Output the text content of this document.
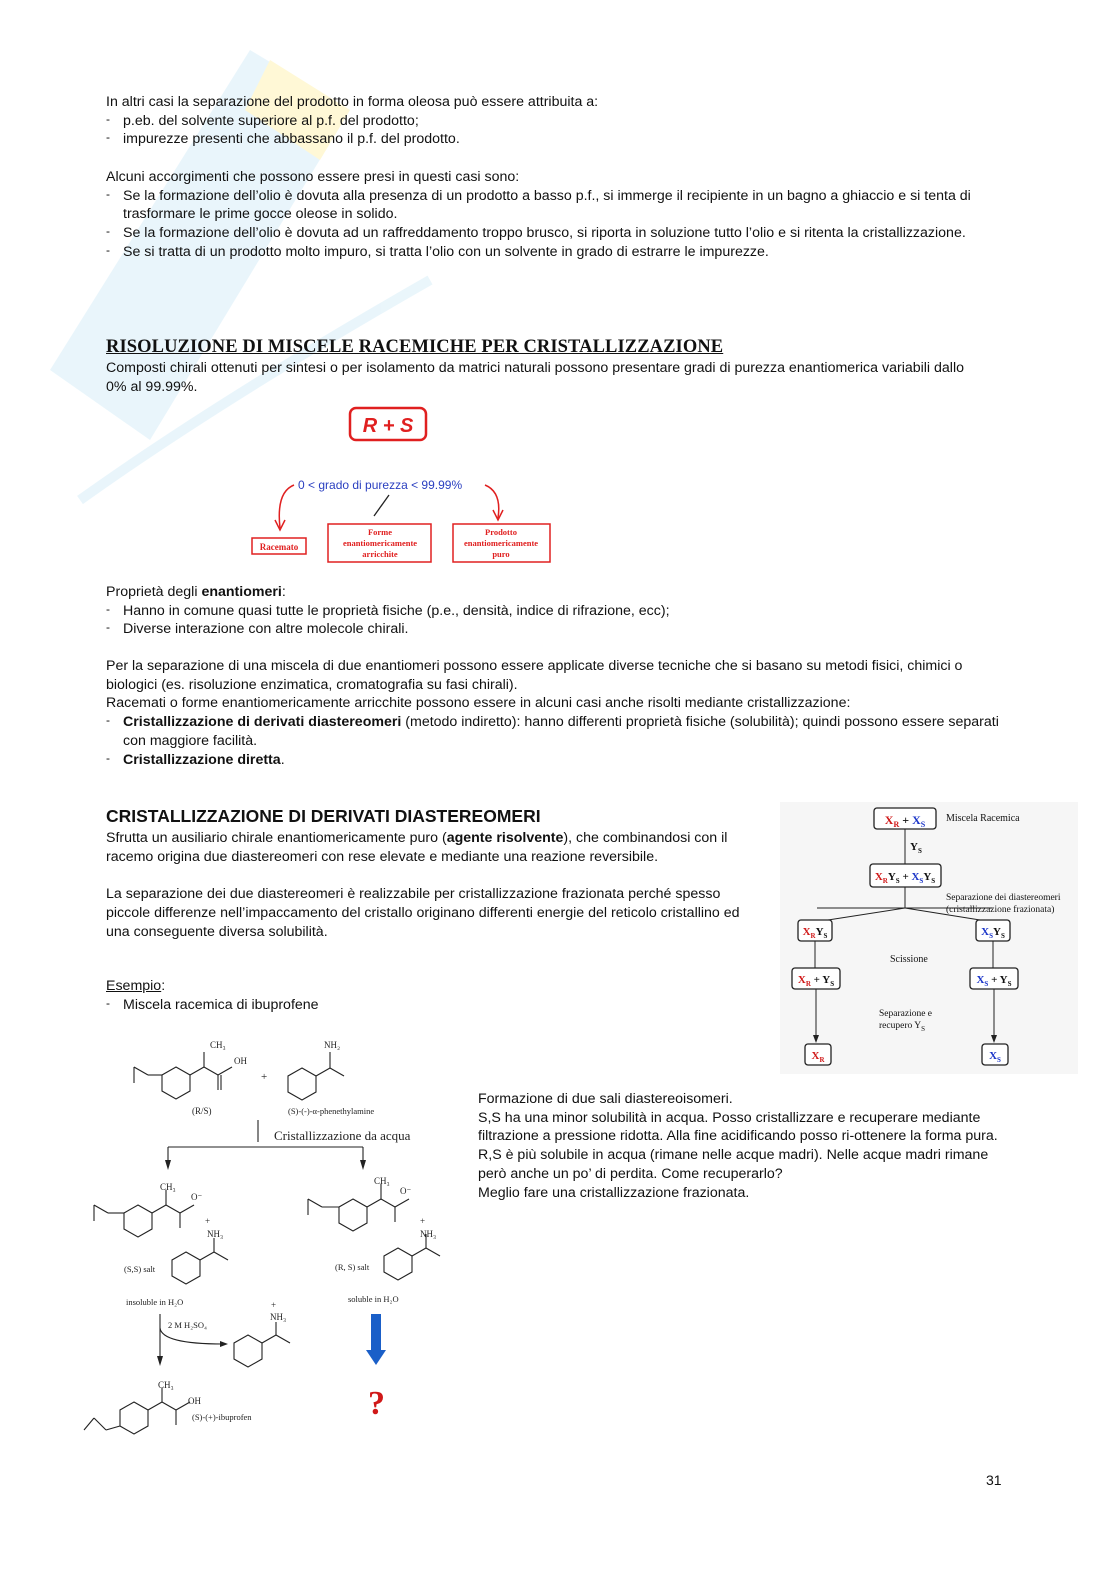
In altri casi la separazione del prodotto in forma oleosa può essere attribuita a:

- p.eb. del solvente superiore al p.f. del prodotto;
- impurezze presenti che abbassano il p.f. del prodotto.

Alcuni accorgimenti che possono essere presi in questi casi sono:

- Se la formazione dell’olio è dovuta alla presenza di un prodotto a basso p.f., si immerge il recipiente in un bagno a ghiaccio e si tenta di trasformare le prime gocce oleose in solido.
- Se la formazione dell’olio è dovuta ad un raffreddamento troppo brusco, si riporta in soluzione tutto l’olio e si ritenta la cristallizzazione.
- Se si tratta di un prodotto molto impuro, si tratta l’olio con un solvente in grado di estrarre le impurezze.
RISOLUZIONE DI MISCELE RACEMICHE PER CRISTALLIZZAZIONE
Composti chirali ottenuti per sintesi o per isolamento da matrici naturali possono presentare gradi di purezza enantiomerica variabili dallo 0% al 99.99%.
R + S
0 < grado di purezza < 99.99%
Racemato
Forme
enantiomericamente
arricchite
Prodotto
enantiomericamente
puro

Proprietà degli enantiomeri:

- Hanno in comune quasi tutte le proprietà fisiche (p.e., densità, indice di rifrazione, ecc);
- Diverse interazione con altre molecole chirali.

Per la separazione di una miscela di due enantiomeri possono essere applicate diverse tecniche che si basano su metodi fisici, chimici o biologici (es. risoluzione enzimatica, cromatografia su fasi chirali).

Racemati o forme enantiomericamente arricchite possono essere in alcuni casi anche risolti mediante cristallizzazione:

- Cristallizzazione di derivati diastereomeri (metodo indiretto): hanno differenti proprietà fisiche (solubilità); quindi possono essere separati con maggiore facilità.
- Cristallizzazione diretta.
CRISTALLIZZAZIONE DI DERIVATI DIASTEREOMERI

Sfrutta un ausiliario chirale enantiomericamente puro (agente risolvente), che combinandosi con il racemo origina due diastereomeri con rese elevate e mediante una reazione reversibile.

La separazione dei due diastereomeri è realizzabile per cristallizzazione frazionata perché spesso piccole differenze nell’impaccamento del cristallo originano differenti energie del reticolo cristallino ed una conseguente diversa solubilità.

Esempio:

- Miscela racemica di ibuprofene
$X_R + X_S$
Miscela Racemica
$Y_S$
$X_RY_S + X_SY_S$
Separazione dei diastereomeri
(cristallizzazione frazionata)
$X_RY_S$	$X_SY_S$
Scissione
$X_R + Y_S$	$X_S + Y_S$
Separazione e
recupero $Y_S$
$X_R$	$X_S$
CH₃
OH
+
NH₂
(R/S)	(S)-(-)-α-phenethylamine
Cristallizzazione da acqua
CH₃
O⁻
+
NH₃
(S,S) salt
CH₃
O⁻
+
NH₃
(R, S) salt
insoluble in H₂O	soluble in H₂O
2 M H₂SO₄
+
NH₃
CH₃
OH
(S)-(+)-ibuprofen	?

Formazione di due sali diastereoisomeri.

S,S ha una minor solubilità in acqua. Posso cristallizzare e recuperare mediante filtrazione a pressione ridotta. Alla fine acidificando posso ri-ottenere la forma pura.

R,S è più solubile in acqua (rimane nelle acque madri). Nelle acque madri rimane però anche un po’ di perdita. Come recuperarlo?

Meglio fare una cristallizzazione frazionata.

31
